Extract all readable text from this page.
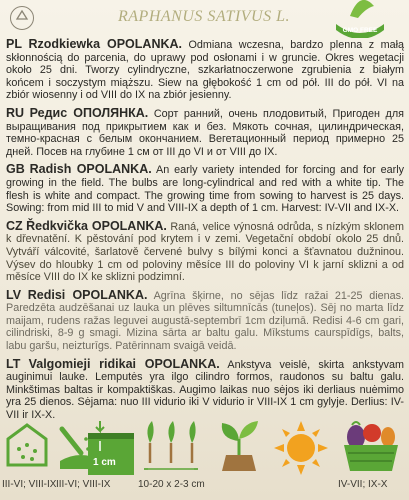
RAPHANUS SATIVUS L.
GMO FREE

PL Rzodkiewka OPOLANKA. Odmiana wczesna, bardzo plenna z małą skłonnością do parcenia, do uprawy pod osłonami i w gruncie. Okres wegetacji około 25 dni. Tworzy cylindryczne, szkarłatnoczerwone zgrubienia z białym końcem i soczystym miąższu. Siew na głębokość 1 cm od pół. III do pół. VI na zbiór wiosenny i od VIII do IX na zbiór jesienny.

RU Редис ОПОЛЯНКА. Сорт ранний, очень плодовитый, Пригоден для выращивания под прикрытием как и без. Мякоть сочная, цилиндрическая, темно-красная с белым окончанием. Вегетационный период примерно 25 дней. Посев на глубине 1 см от III до VI и от VIII до IX.

GB Radish OPOLANKA. An early variety intended for forcing and for early growing in the field. The bulbs are long-cylindrical and red with a white tip. The flesh is white and compact. The growing time from sowing to harvest is 25 days. Sowing: from mid III to mid V and VIII-IX a depth of 1 cm. Harvest: IV-VII and IX-X.

CZ Ředkvička OPOLANKA. Raná, velice výnosná odrůda, s nízkým sklonem k dřevnatění. K pěstování pod krytem i v zemi. Vegetační období okolo 25 dnů. Vytváří válcovité, šarlatově červené bulvy s bílými konci a šťavnatou dužninou. Výsev do hloubky 1 cm od poloviny měsíce III do poloviny VI k jarní sklizni a od měsíce VIII do IX ke sklizni podzimní.

LV Redisi OPOLANKA. Agrīna šķirne, no sējas līdz ražai 21-25 dienas. Paredzēta audzēšanai uz lauka un plēves siltumnīcās (tuneļos). Sēj no marta līdz maijam, rudens ražas leguvei augustā-septembrī 1cm dziļumā. Redisi 4-6 cm gari, cilindriski, 8-9 g smagi. Mizina sārta ar baltu galu. Mīkstums caurspīdīgs, balts, labu garšu, neizturīgs. Patērinnam svaigā veidā.

LT Valgomieji ridikai OPOLANKA. Ankstyva veislė, skirta ankstyvam auginimui lauke. Lemputės yra ilgo cilindro formos, raudonos su baltu galu. Minkštimas baltas ir kompaktiškas. Augimo laikas nuo sėjos iki derliaus nuėmimo yra 25 dienos. Sėjama: nuo III vidurio iki V vidurio ir VIII-IX 1 cm gylyje. Derlius: IV-VII ir IX-X.

III-VI; VIII-IX III-VI; VIII-IX
1 cm
10-20 x 2-3 cm	IV-VII; IX-X
